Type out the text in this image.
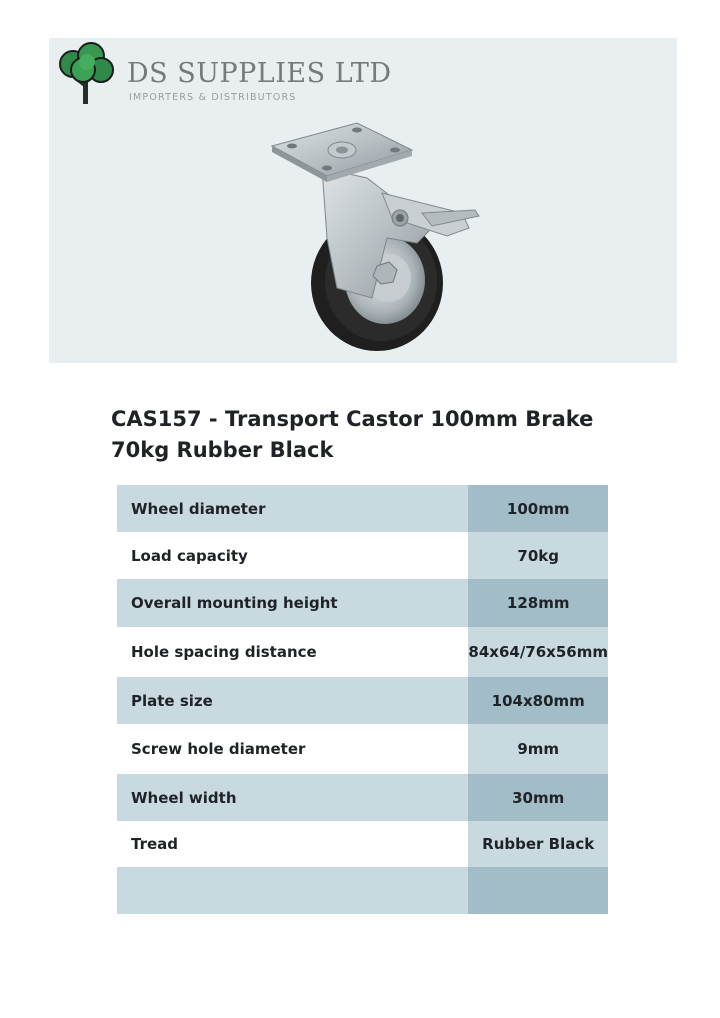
DS SUPPLIES LTD
IMPORTERS & DISTRIBUTORS
CAS157 - Transport Castor 100mm Brake 70kg Rubber Black
Wheel diameter	100mm
Load capacity	70kg
Overall mounting height	128mm
Hole spacing distance	84x64/76x56mm
Plate size	104x80mm
Screw hole diameter	9mm
Wheel width	30mm
Tread	Rubber Black
